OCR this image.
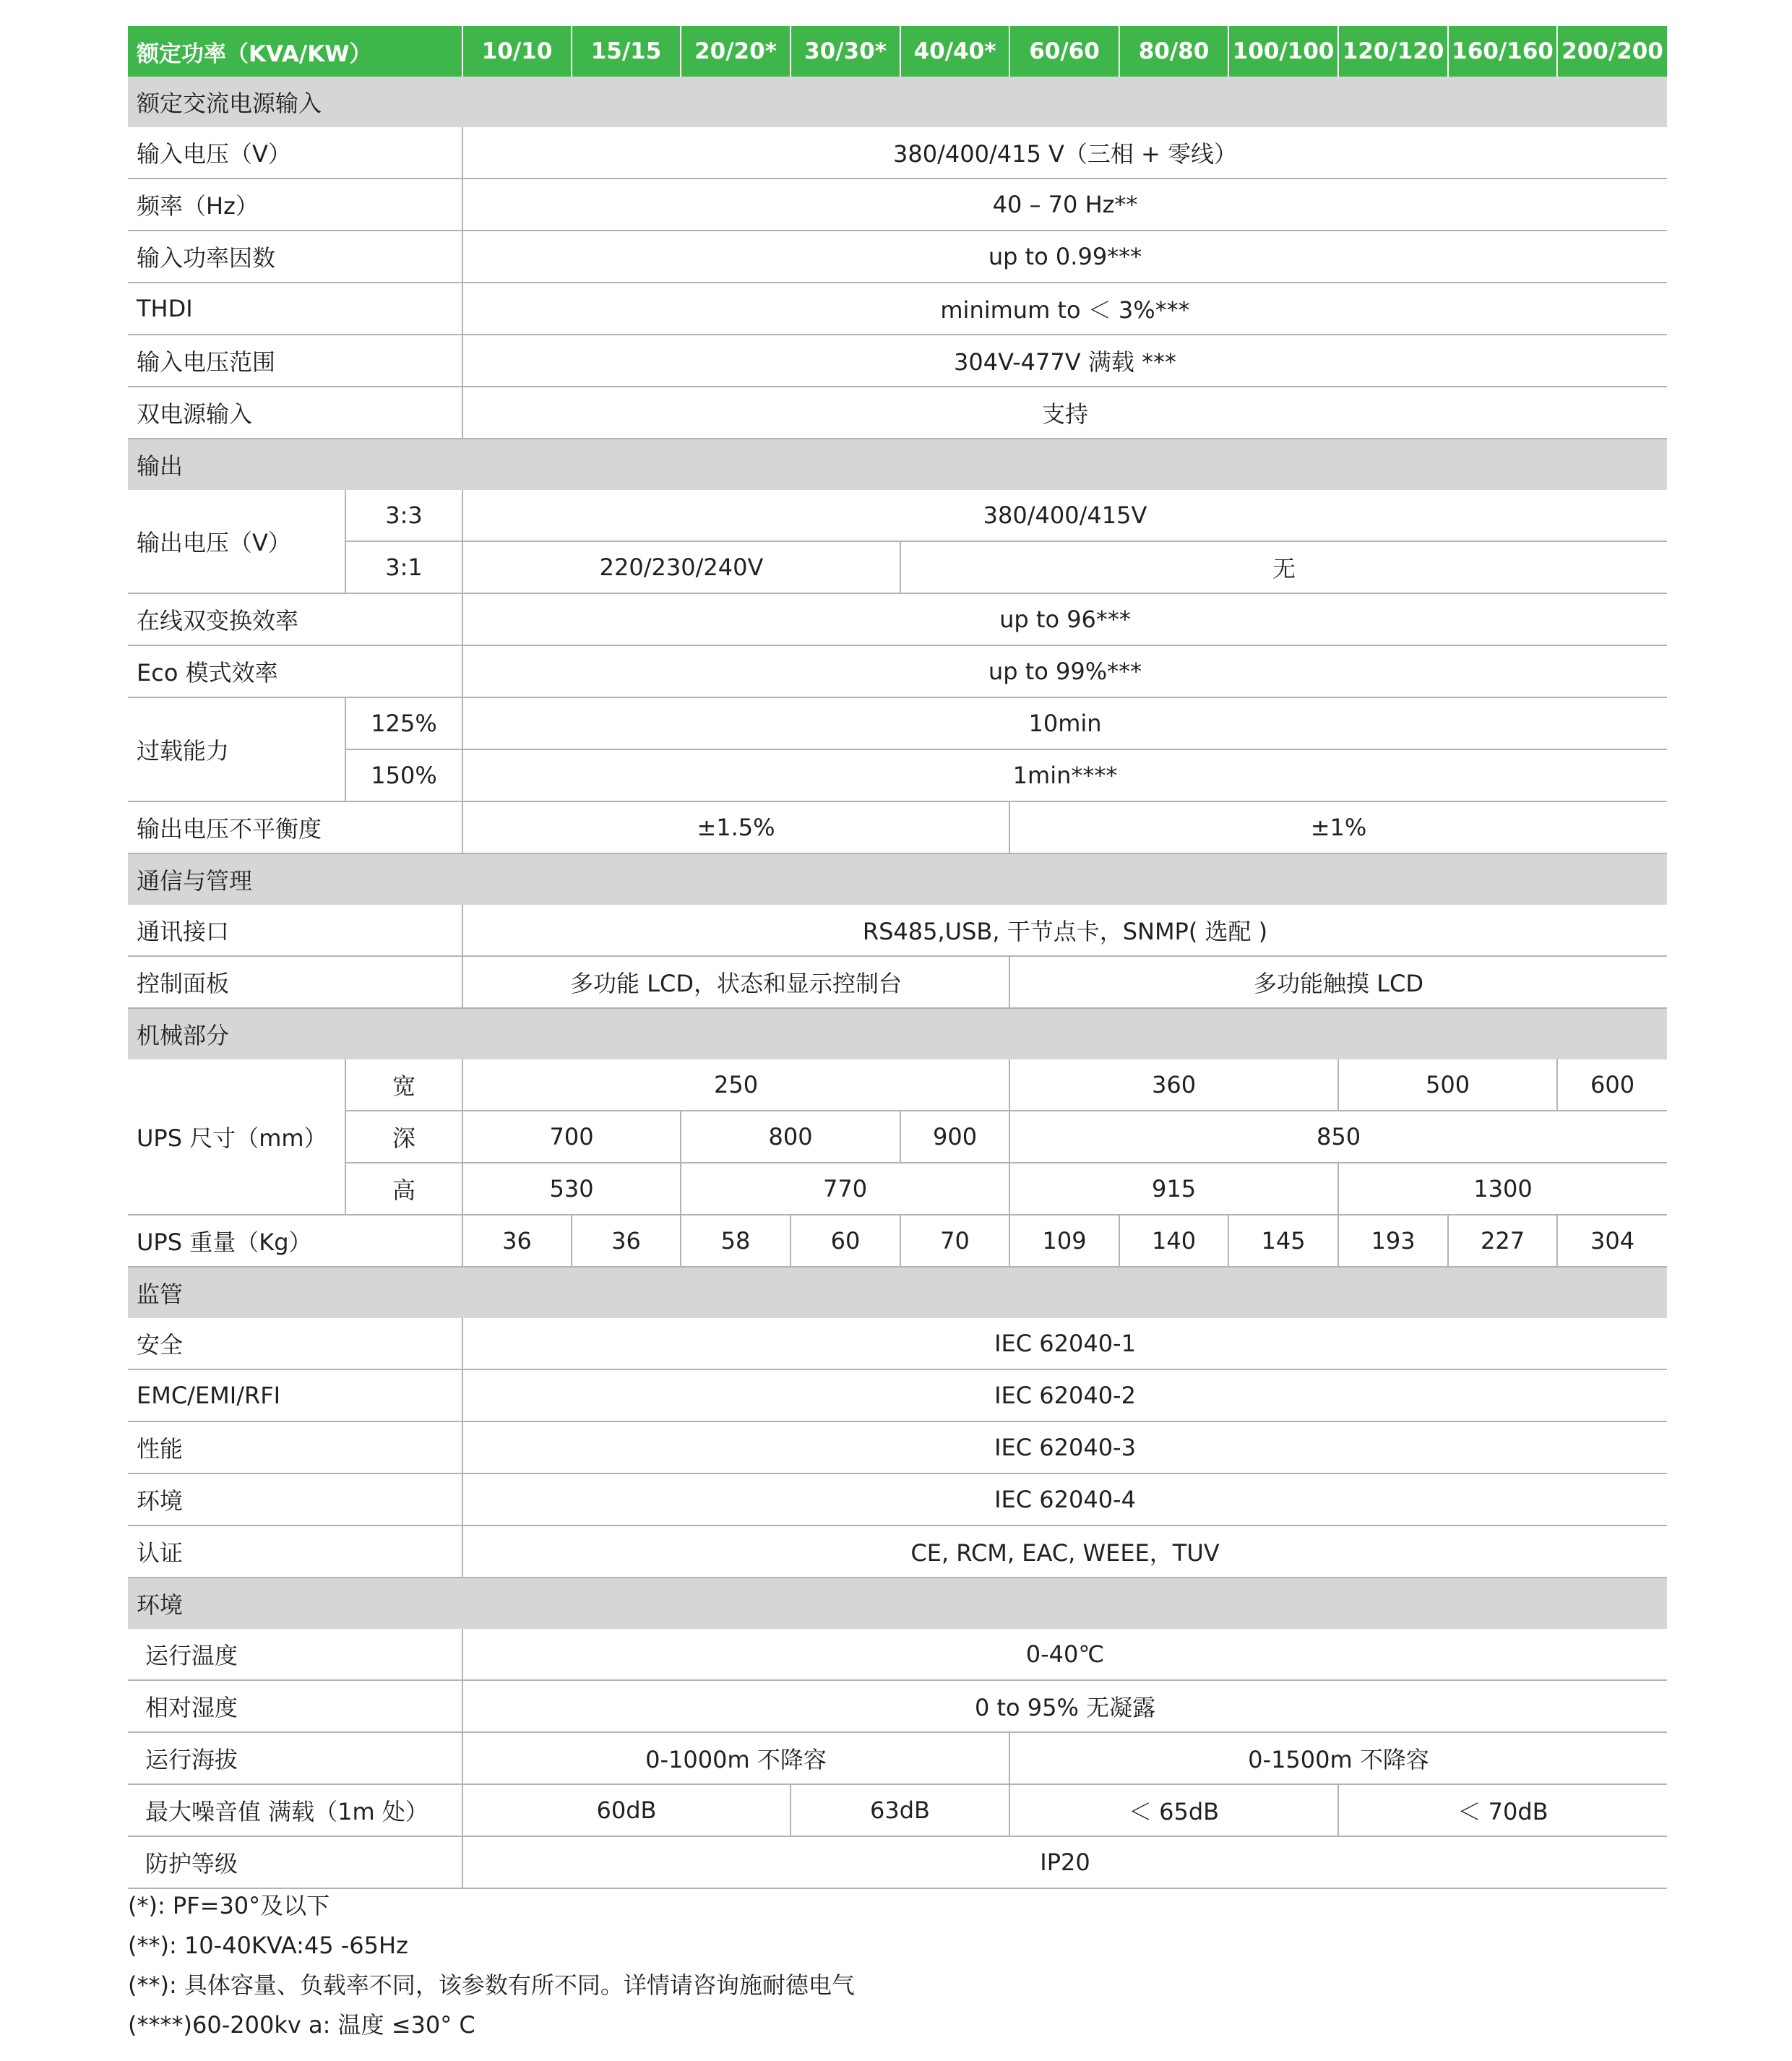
额定功率（KVA/KW）		10/10	15/15	20/20*	30/30*	40/40*	60/60	80/80	100/100	120/120	160/160	200/200
额定交流电源输入												
输入电压（V）		380/400/415 V（三相 + 零线）										
频率（Hz）		40 – 70 Hz**										
输入功率因数		up to 0.99***										
THDI		minimum to ＜ 3%***										
输入电压范围		304V-477V 满载 ***										
双电源输入		支持										
输出												
输出电压（V）	3:3	380/400/415V										
	3:1	220/230/240V				无						
在线双变换效率		up to 96***										
Eco 模式效率		up to 99%***										
过载能力	125%	10min										
	150%	1min****										
输出电压不平衡度		±1.5%					±1%					
通信与管理												
通讯接口		RS485,USB, 干节点卡，SNMP( 选配 )										
控制面板		多功能 LCD，状态和显示控制台					多功能触摸 LCD					
机械部分												
UPS 尺寸（mm）	宽	250					360			500		600
	深	700		800		900	850					
	高	530		770			915			1300		
UPS 重量（Kg）		36	36	58	60	70	109	140	145	193	227	304
监管												
安全		IEC 62040-1										
EMC/EMI/RFI		IEC 62040-2										
性能		IEC 62040-3										
环境		IEC 62040-4										
认证		CE, RCM, EAC, WEEE，TUV										
环境												
运行温度		0-40℃										
相对湿度		0 to 95% 无凝露										
运行海拔		0-1000m 不降容					0-1500m 不降容					
最大噪音值 满载（1m 处）		60dB			63dB		＜ 65dB			＜ 70dB		
防护等级		IP20										
(*): PF=30°及以下
(**): 10-40KVA:45 -65Hz
(**): 具体容量、负载率不同，该参数有所不同。详情请咨询施耐德电气
(****)60-200kv a: 温度 ≤30° C
